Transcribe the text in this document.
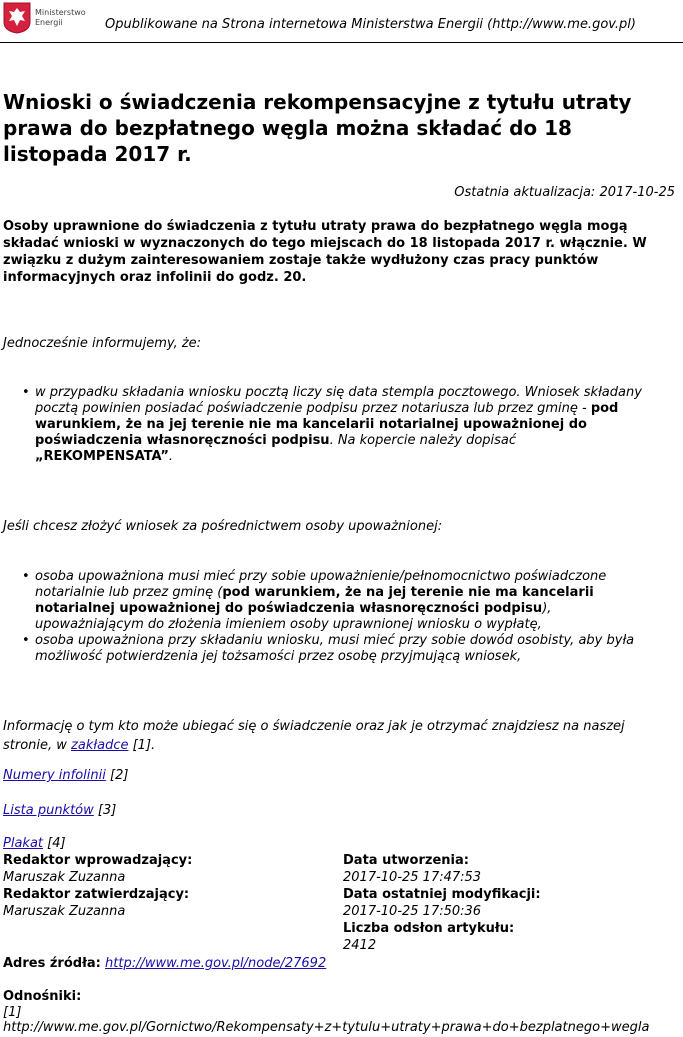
Ministerstwo
Energii	Opublikowane na Strona internetowa Ministerstwa Energii (http://www.me.gov.pl)
Wnioski o świadczenia rekompensacyjne z tytułu utraty prawa do bezpłatnego węgla można składać do 18 listopada 2017 r.
Ostatnia aktualizacja: 2017-10-25
Osoby uprawnione do świadczenia z tytułu utraty prawa do bezpłatnego węgla mogą składać wnioski w wyznaczonych do tego miejscach do 18 listopada 2017 r. włącznie. W związku z dużym zainteresowaniem zostaje także wydłużony czas pracy punktów informacyjnych oraz infolinii do godz. 20.
Jednocześnie informujemy, że:
• w przypadku składania wniosku pocztą liczy się data stempla pocztowego. Wniosek składany pocztą powinien posiadać poświadczenie podpisu przez notariusza lub przez gminę - pod warunkiem, że na jej terenie nie ma kancelarii notarialnej upoważnionej do poświadczenia własnoręczności podpisu. Na kopercie należy dopisać „REKOMPENSATA”.
Jeśli chcesz złożyć wniosek za pośrednictwem osoby upoważnionej:
• osoba upoważniona musi mieć przy sobie upoważnienie/pełnomocnictwo poświadczone notarialnie lub przez gminę (pod warunkiem, że na jej terenie nie ma kancelarii notarialnej upoważnionej do poświadczenia własnoręczności podpisu), upoważniającym do złożenia imieniem osoby uprawnionej wniosku o wypłatę,
• osoba upoważniona przy składaniu wniosku, musi mieć przy sobie dowód osobisty, aby była możliwość potwierdzenia jej tożsamości przez osobę przyjmującą wniosek,
Informację o tym kto może ubiegać się o świadczenie oraz jak je otrzymać znajdziesz na naszej stronie, w zakładce [1].
Numery infolinii [2]
Lista punktów [3]
Plakat [4]
Redaktor wprowadzający:
Maruszak Zuzanna
Redaktor zatwierdzający:
Maruszak Zuzanna
Data utworzenia:
2017-10-25 17:47:53
Data ostatniej modyfikacji:
2017-10-25 17:50:36
Liczba odsłon artykułu:
2412
Adres źródła: http://www.me.gov.pl/node/27692
Odnośniki:
[1]
http://www.me.gov.pl/Gornictwo/Rekompensaty+z+tytulu+utraty+prawa+do+bezplatnego+wegla
